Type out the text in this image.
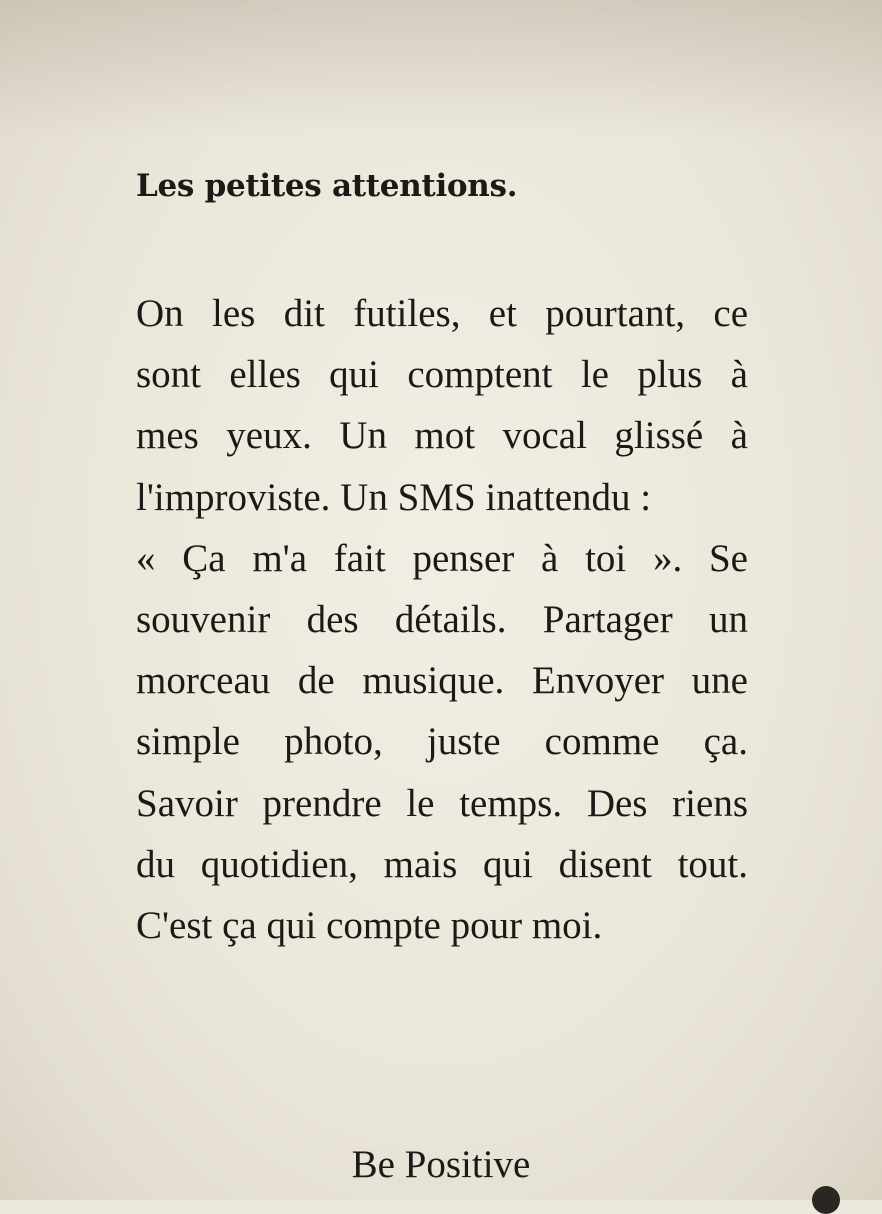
Les petites attentions.
On les dit futiles, et pourtant, ce
sont elles qui comptent le plus à
mes yeux. Un mot vocal glissé à
l'improviste. Un SMS inattendu :
« Ça m'a fait penser à toi ». Se
souvenir des détails. Partager un
morceau de musique. Envoyer une
simple photo, juste comme ça.
Savoir prendre le temps. Des riens
du quotidien, mais qui disent tout.
C'est ça qui compte pour moi.

Be Positive
